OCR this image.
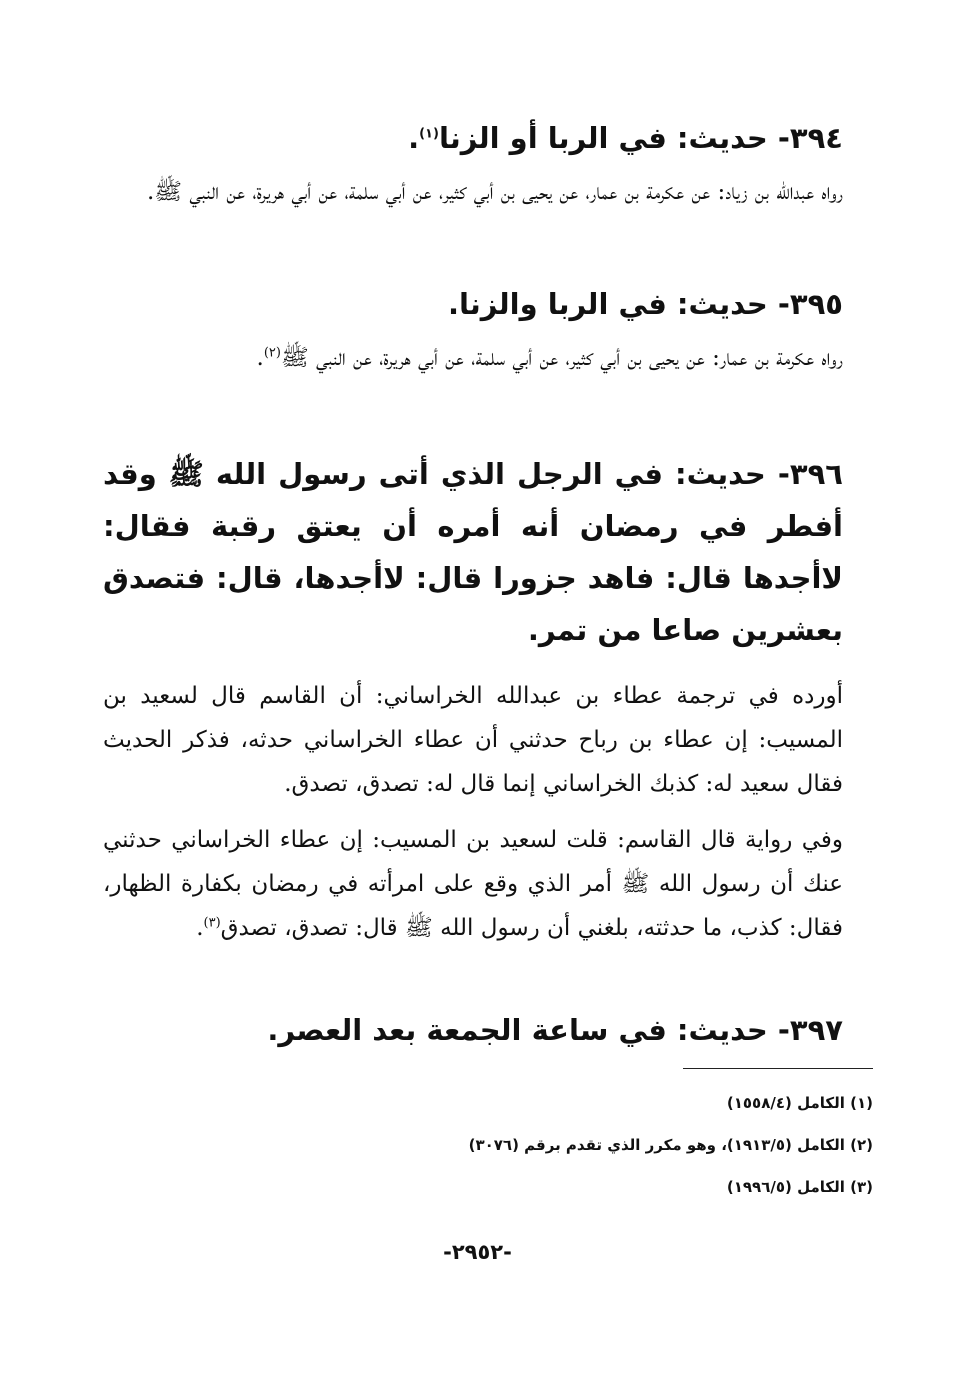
٣٩٤- حديث: في الربا أو الزنا$^{(١)}$.
رواه عبدالله بن زياد: عن عكرمة بن عمار، عن يحيى بن أبي كثير، عن أبي سلمة، عن أبي هريرة، عن النبي ﷺ.
٣٩٥- حديث: في الربا والزنا.
رواه عكرمة بن عمار: عن يحيى بن أبي كثير، عن أبي سلمة، عن أبي هريرة، عن النبي ﷺ$^{(٢)}$.
٣٩٦- حديث: في الرجل الذي أتى رسول الله ﷺ وقد أفطر في رمضان أنه أمره أن يعتق رقبة فقال: لاأجدها قال: فاهد جزورا قال: لاأجدها، قال: فتصدق بعشرين صاعا من تمر.
أورده في ترجمة عطاء بن عبدالله الخراساني: أن القاسم قال لسعيد بن المسيب: إن عطاء بن رباح حدثني أن عطاء الخراساني حدثه، فذكر الحديث فقال سعيد له: كذبك الخراساني إنما قال له: تصدق، تصدق.
وفي رواية قال القاسم: قلت لسعيد بن المسيب: إن عطاء الخراساني حدثني عنك أن رسول الله ﷺ أمر الذي وقع على امرأته في رمضان بكفارة الظهار، فقال: كذب، ما حدثته، بلغني أن رسول الله ﷺ قال: تصدق، تصدق$^{(٣)}$.
٣٩٧- حديث: في ساعة الجمعة بعد العصر.
(١) الكامل (١٥٥٨/٤)
(٢) الكامل (١٩١٣/٥)، وهو مكرر الذي تقدم برقم (٣٠٧٦)
(٣) الكامل (١٩٩٦/٥)
-٢٩٥٢-
